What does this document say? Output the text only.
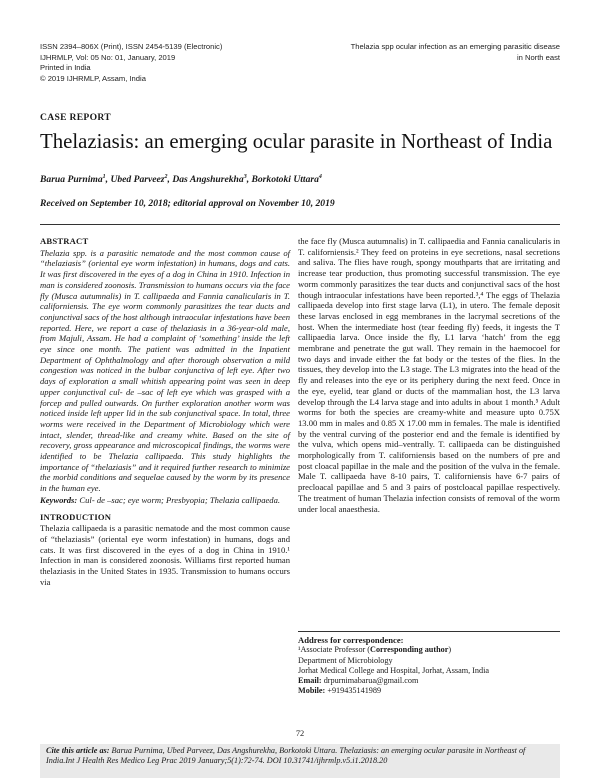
ISSN 2394–806X (Print), ISSN 2454-5139 (Electronic)
IJHRMLP, Vol: 05 No: 01, January, 2019
Printed in India
© 2019 IJHRMLP, Assam, India
Thelazia spp ocular infection as an emerging parasitic disease
in North east
CASE REPORT
Thelaziasis: an emerging ocular parasite in Northeast of India
Barua Purnima$^1$, Ubed Parveez$^2$, Das Angshurekha$^3$, Borkotoki Uttara$^4$
Received on September 10, 2018; editorial approval on November 10, 2019
ABSTRACT

Thelazia spp. is a parasitic nematode and the most common cause of “thelaziasis” (oriental eye worm infestation) in humans, dogs and cats. It was first discovered in the eyes of a dog in China in 1910. Infection in man is considered zoonosis. Transmission to humans occurs via the face fly (Musca autumnalis) in T. callipaeda and Fannia canalicularis in T. californiensis. The eye worm commonly parasitizes the tear ducts and conjunctival sacs of the host although intraocular infestations have been reported. Here, we report a case of thelaziasis in a 36-year-old male, from Majuli, Assam. He had a complaint of ‘something’ inside the left eye since one month. The patient was admitted in the Inpatient Department of Ophthalmology and after thorough observation a mild congestion was noticed in the bulbar conjunctiva of left eye. After two days of exploration a small whitish appearing point was seen in deep upper conjunctival cul- de –sac of left eye which was grasped with a forcep and pulled outwards. On further exploration another worm was noticed inside left upper lid in the sub conjunctival space. In total, three worms were received in the Department of Microbiology which were intact, slender, thread-like and creamy white. Based on the site of recovery, gross appearance and microscopical findings, the worms were identified to be Thelazia callipaeda. This study highlights the importance of “thelaziasis” and it required further research to minimize the morbid conditions and sequelae caused by the worm by its presence in the human eye.

Keywords: Cul- de –sac; eye worm; Presbyopia; Thelazia callipaeda.

INTRODUCTION

Thelazia callipaeda is a parasitic nematode and the most common cause of “thelaziasis” (oriental eye worm infestation) in humans, dogs and cats. It was first discovered in the eyes of a dog in China in 1910.¹ Infection in man is considered zoonosis. Williams first reported human thelaziasis in the United States in 1935. Transmission to humans occurs via

the face fly (Musca autumnalis) in T. callipaedia and Fannia canalicularis in T. californiensis.² They feed on proteins in eye secretions, nasal secretions and saliva. The flies have rough, spongy mouthparts that are irritating and increase tear production, thus promoting successful transmission. The eye worm commonly parasitizes the tear ducts and conjunctival sacs of the host though intraocular infestations have been reported.³,⁴ The eggs of Thelazia callipaeda develop into first stage larva (L1), in utero. The female deposit these larvas enclosed in egg membranes in the lacrymal secretions of the host. When the intermediate host (tear feeding fly) feeds, it ingests the T callipaedia larva. Once inside the fly, L1 larva ‘hatch’ from the egg membrane and penetrate the gut wall. They remain in the haemocoel for two days and invade either the fat body or the testes of the flies. In the tissues, they develop into the L3 stage. The L3 migrates into the head of the fly and releases into the eye or its periphery during the next feed. Once in the eye, eyelid, tear gland or ducts of the mammalian host, the L3 larva develop through the L4 larva stage and into adults in about 1 month.⁵ Adult worms for both the species are creamy-white and measure upto 0.75X 13.00 mm in males and 0.85 X 17.00 mm in females. The male is identified by the ventral curving of the posterior end and the female is identified by the vulva, which opens mid–ventrally. T. callipaeda can be distinguished morphologically from T. californiensis based on the numbers of pre and post cloacal papillae in the male and the position of the vulva in the female. Male T. callipaeda have 8-10 pairs, T. californiensis have 6-7 pairs of precloacal papillae and 5 and 3 pairs of postcloacal papillae respectively. The treatment of human Thelazia infection consists of removal of the worm under local anaesthesia.

Address for correspondence:
¹Associate Professor (Corresponding author)
Department of Microbiology
Jorhat Medical College and Hospital, Jorhat, Assam, India
Email: drpurnimabarua@gmail.com
Mobile: +919435141989
72
Cite this article as: Barua Purnima, Ubed Parveez, Das Angshurekha, Borkotoki Uttara. Thelaziasis: an emerging ocular parasite in Northeast of India.Int J Health Res Medico Leg Prac 2019 January;5(1):72-74. DOI 10.31741/ijhrmlp.v5.i1.2018.20
